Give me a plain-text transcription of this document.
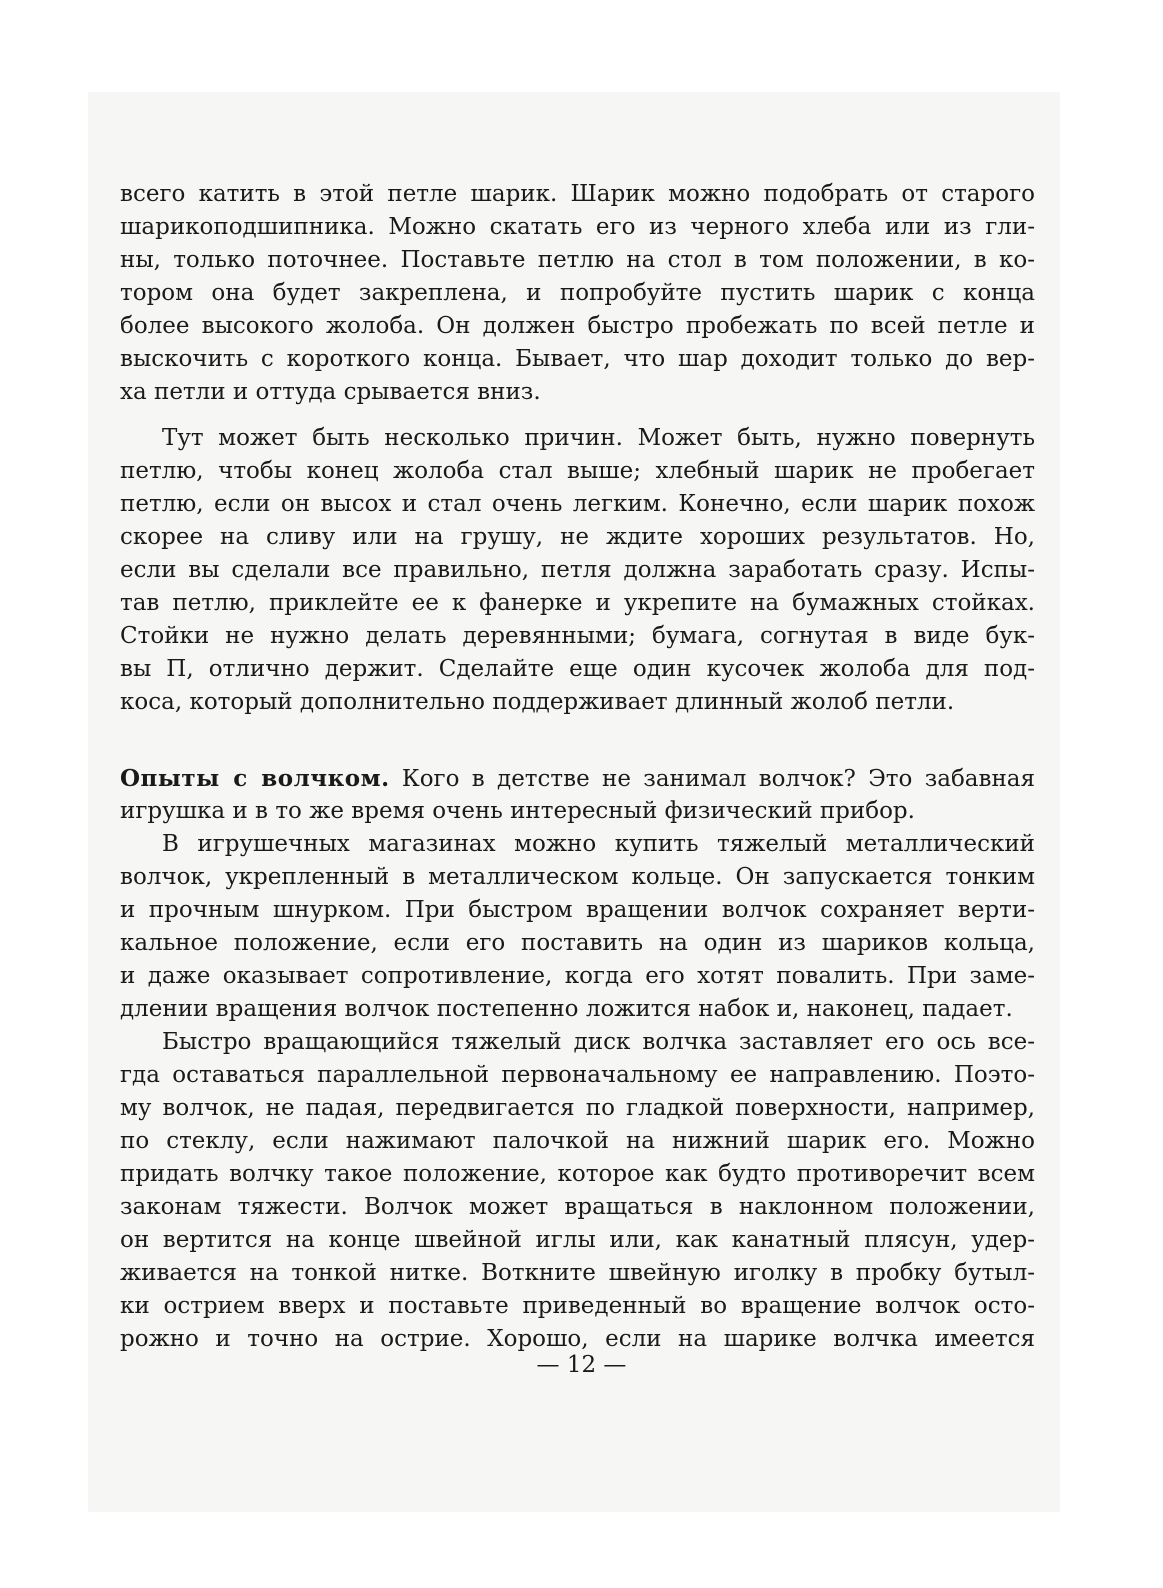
всего катить в этой петле шарик. Шарик можно подобрать от старого
шарикоподшипника. Можно скатать его из черного хлеба или из гли-
ны, только поточнее. Поставьте петлю на стол в том положении, в ко-
тором она будет закреплена, и попробуйте пустить шарик с конца
более высокого жолоба. Он должен быстро пробежать по всей петле и
выскочить с короткого конца. Бывает, что шар доходит только до вер-
ха петли и оттуда срывается вниз.
Тут может быть несколько причин. Может быть, нужно повернуть
петлю, чтобы конец жолоба стал выше; хлебный шарик не пробегает
петлю, если он высох и стал очень легким. Конечно, если шарик похож
скорее на сливу или на грушу, не ждите хороших результатов. Но,
если вы сделали все правильно, петля должна заработать сразу. Испы-
тав петлю, приклейте ее к фанерке и укрепите на бумажных стойках.
Стойки не нужно делать деревянными; бумага, согнутая в виде бук-
вы П, отлично держит. Сделайте еще один кусочек жолоба для под-
коса, который дополнительно поддерживает длинный жолоб петли.
Опыты с волчком. Кого в детстве не занимал волчок? Это забавная
игрушка и в то же время очень интересный физический прибор.
В игрушечных магазинах можно купить тяжелый металлический
волчок, укрепленный в металлическом кольце. Он запускается тонким
и прочным шнурком. При быстром вращении волчок сохраняет верти-
кальное положение, если его поставить на один из шариков кольца,
и даже оказывает сопротивление, когда его хотят повалить. При заме-
длении вращения волчок постепенно ложится набок и, наконец, падает.
Быстро вращающийся тяжелый диск волчка заставляет его ось все-
гда оставаться параллельной первоначальному ее направлению. Поэто-
му волчок, не падая, передвигается по гладкой поверхности, например,
по стеклу, если нажимают палочкой на нижний шарик его. Можно
придать волчку такое положение, которое как будто противоречит всем
законам тяжести. Волчок может вращаться в наклонном положении,
он вертится на конце швейной иглы или, как канатный плясун, удер-
живается на тонкой нитке. Воткните швейную иголку в пробку бутыл-
ки острием вверх и поставьте приведенный во вращение волчок осто-
рожно и точно на острие. Хорошо, если на шарике волчка имеется
— 12 —
